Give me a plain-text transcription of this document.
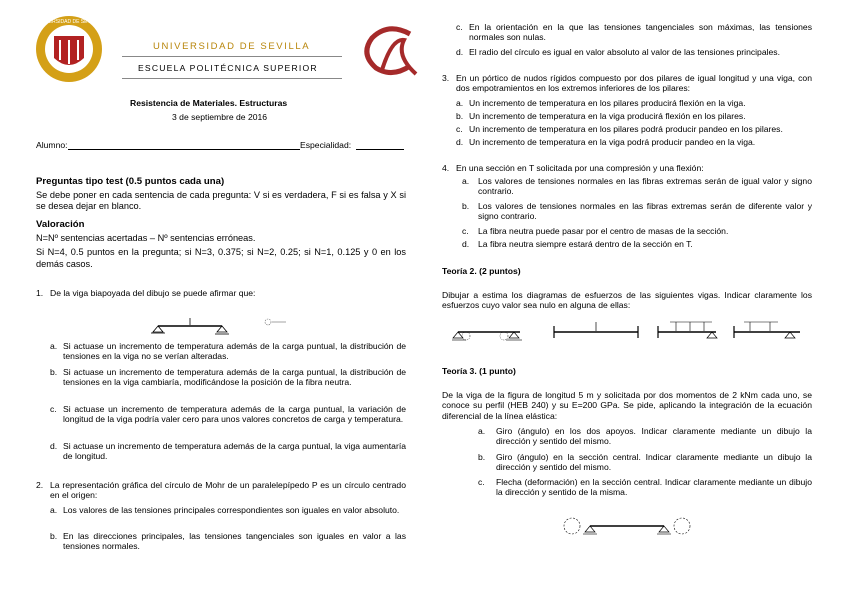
UNIVERSIDAD DE SEVILLA
UNIVERSIDAD DE SEVILLA
ESCUELA POLITÉCNICA SUPERIOR
Resistencia de Materiales. Estructuras
3 de septiembre de 2016
Alumno:	Especialidad:
Preguntas tipo test (0.5 puntos cada una)
Se debe poner en cada sentencia de cada pregunta: V si es verdadera, F si es falsa y X si se desea dejar en blanco.
Valoración
N=Nº sentencias acertadas – Nº sentencias erróneas.
Si N=4, 0.5 puntos en la pregunta; si N=3, 0.375; si N=2, 0.25; si N=1, 0.125 y 0 en los demás casos.
1. De la viga biapoyada del dibujo se puede afirmar que:
a. Si actuase un incremento de temperatura además de la carga puntual, la distribución de tensiones en la viga no se verían alteradas.
b. Si actuase un incremento de temperatura además de la carga puntual, la distribución de tensiones en la viga cambiaría, modificándose la posición de la fibra neutra.
c. Si actuase un incremento de temperatura además de la carga puntual, la variación de longitud de la viga podría valer cero para unos valores concretos de carga y temperatura.
d. Si actuase un incremento de temperatura además de la carga puntual, la viga aumentaría de longitud.
2. La representación gráfica del círculo de Mohr de un paralelepípedo P es un círculo centrado en el origen:
a. Los valores de las tensiones principales correspondientes son iguales en valor absoluto.
b. En las direcciones principales, las tensiones tangenciales son iguales en valor a las tensiones normales.
c. En la orientación en la que las tensiones tangenciales son máximas, las tensiones normales son nulas.
d. El radio del círculo es igual en valor absoluto al valor de las tensiones principales.
3. En un pórtico de nudos rígidos compuesto por dos pilares de igual longitud y una viga, con dos empotramientos en los extremos inferiores de los pilares:
a. Un incremento de temperatura en los pilares producirá flexión en la viga.
b. Un incremento de temperatura en la viga producirá flexión en los pilares.
c. Un incremento de temperatura en los pilares podrá producir pandeo en los pilares.
d. Un incremento de temperatura en la viga podrá producir pandeo en la viga.
4. En una sección en T solicitada por una compresión y una flexión:
a. Los valores de tensiones normales en las fibras extremas serán de igual valor y signo contrario.
b. Los valores de tensiones normales en las fibras extremas serán de diferente valor y signo contrario.
c. La fibra neutra puede pasar por el centro de masas de la sección.
d. La fibra neutra siempre estará dentro de la sección en T.
Teoría 2. (2 puntos)
Dibujar a estima los diagramas de esfuerzos de las siguientes vigas. Indicar claramente los esfuerzos cuyo valor sea nulo en alguna de ellas:
Teoría 3. (1 punto)
De la viga de la figura de longitud 5 m y solicitada por dos momentos de 2 kNm cada uno, se conoce su perfil (HEB 240) y su E=200 GPa. Se pide, aplicando la integración de la ecuación diferencial de la línea elástica:
a. Giro (ángulo) en los dos apoyos. Indicar claramente mediante un dibujo la dirección y sentido del mismo.
b. Giro (ángulo) en la sección central. Indicar claramente mediante un dibujo la dirección y sentido del mismo.
c. Flecha (deformación) en la sección central. Indicar claramente mediante un dibujo la dirección y sentido de la misma.
